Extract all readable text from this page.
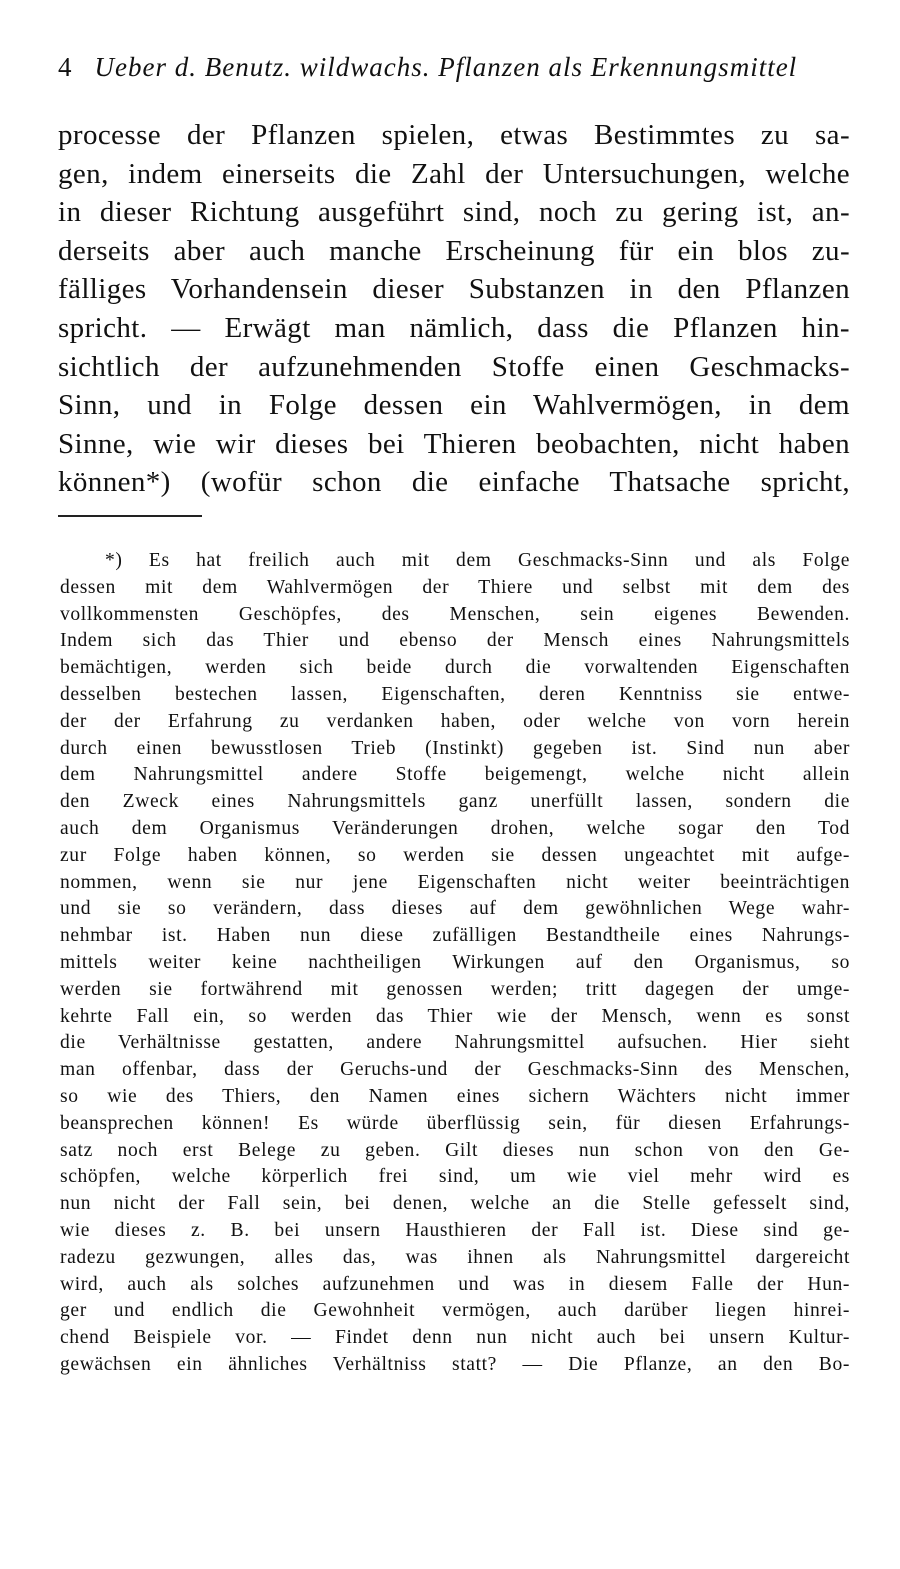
4 Ueber d. Benutz. wildwachs. Pflanzen als Erkennungsmittel
processe der Pflanzen spielen, etwas Bestimmtes zu sa-
gen, indem einerseits die Zahl der Untersuchungen, welche
in dieser Richtung ausgeführt sind, noch zu gering ist, an-
derseits aber auch manche Erscheinung für ein blos zu-
fälliges Vorhandensein dieser Substanzen in den Pflanzen
spricht. — Erwägt man nämlich, dass die Pflanzen hin-
sichtlich der aufzunehmenden Stoffe einen Geschmacks-
Sinn, und in Folge dessen ein Wahlvermögen, in dem
Sinne, wie wir dieses bei Thieren beobachten, nicht haben
können*) (wofür schon die einfache Thatsache spricht,
*) Es hat freilich auch mit dem Geschmacks-Sinn und als Folge
dessen mit dem Wahlvermögen der Thiere und selbst mit dem des
vollkommensten Geschöpfes, des Menschen, sein eigenes Bewenden.
Indem sich das Thier und ebenso der Mensch eines Nahrungsmittels
bemächtigen, werden sich beide durch die vorwaltenden Eigenschaften
desselben bestechen lassen, Eigenschaften, deren Kenntniss sie entwe-
der der Erfahrung zu verdanken haben, oder welche von vorn herein
durch einen bewusstlosen Trieb (Instinkt) gegeben ist. Sind nun aber
dem Nahrungsmittel andere Stoffe beigemengt, welche nicht allein
den Zweck eines Nahrungsmittels ganz unerfüllt lassen, sondern die
auch dem Organismus Veränderungen drohen, welche sogar den Tod
zur Folge haben können, so werden sie dessen ungeachtet mit aufge-
nommen, wenn sie nur jene Eigenschaften nicht weiter beeinträchtigen
und sie so verändern, dass dieses auf dem gewöhnlichen Wege wahr-
nehmbar ist. Haben nun diese zufälligen Bestandtheile eines Nahrungs-
mittels weiter keine nachtheiligen Wirkungen auf den Organismus, so
werden sie fortwährend mit genossen werden; tritt dagegen der umge-
kehrte Fall ein, so werden das Thier wie der Mensch, wenn es sonst
die Verhältnisse gestatten, andere Nahrungsmittel aufsuchen. Hier sieht
man offenbar, dass der Geruchs-und der Geschmacks-Sinn des Menschen,
so wie des Thiers, den Namen eines sichern Wächters nicht immer
beansprechen können! Es würde überflüssig sein, für diesen Erfahrungs-
satz noch erst Belege zu geben. Gilt dieses nun schon von den Ge-
schöpfen, welche körperlich frei sind, um wie viel mehr wird es
nun nicht der Fall sein, bei denen, welche an die Stelle gefesselt sind,
wie dieses z. B. bei unsern Hausthieren der Fall ist. Diese sind ge-
radezu gezwungen, alles das, was ihnen als Nahrungsmittel dargereicht
wird, auch als solches aufzunehmen und was in diesem Falle der Hun-
ger und endlich die Gewohnheit vermögen, auch darüber liegen hinrei-
chend Beispiele vor. — Findet denn nun nicht auch bei unsern Kultur-
gewächsen ein ähnliches Verhältniss statt? — Die Pflanze, an den Bo-
